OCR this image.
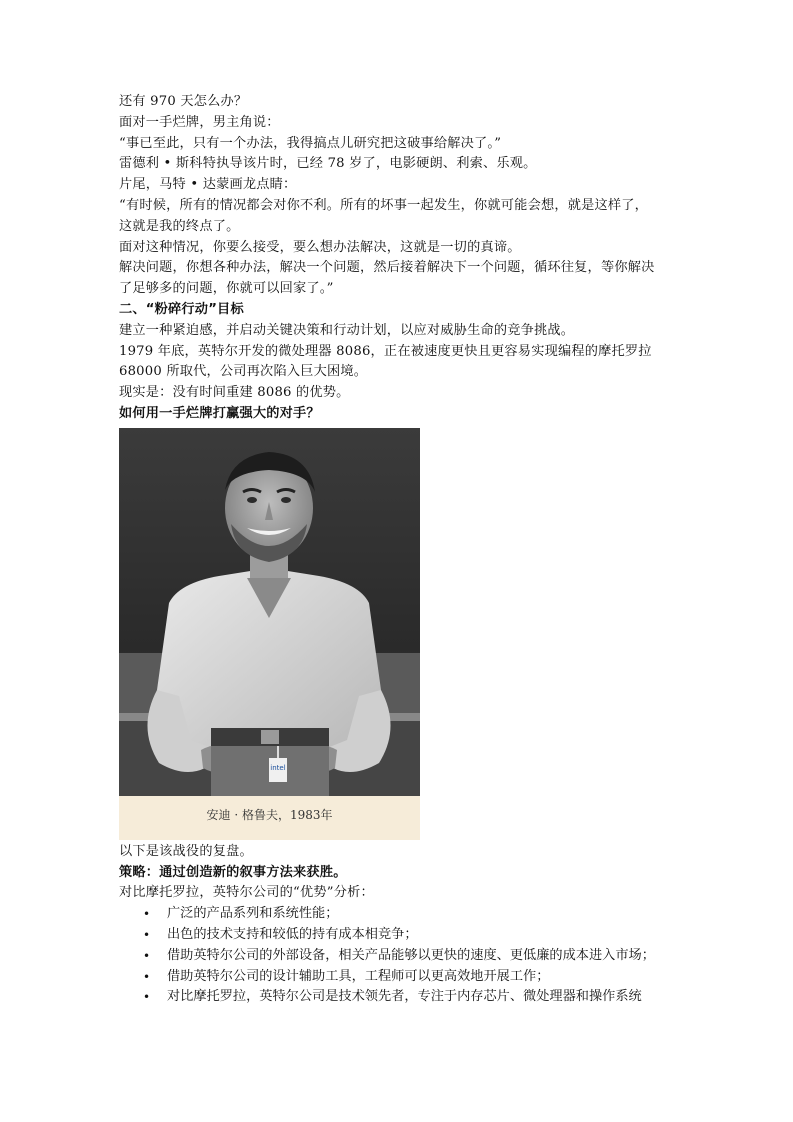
还有 970 天怎么办？

面对一手烂牌，男主角说：

“事已至此，只有一个办法，我得搞点儿研究把这破事给解决了。”

雷德利 • 斯科特执导该片时，已经 78 岁了，电影硬朗、利索、乐观。

片尾，马特 • 达蒙画龙点睛：

“有时候，所有的情况都会对你不利。所有的坏事一起发生，你就可能会想，就是这样了，

这就是我的终点了。

面对这种情况，你要么接受，要么想办法解决，这就是一切的真谛。

解决问题，你想各种办法，解决一个问题，然后接着解决下一个问题，循环往复，等你解决

了足够多的问题，你就可以回家了。”

二、“粉碎行动”目标

建立一种紧迫感，并启动关键决策和行动计划，以应对威胁生命的竞争挑战。

1979 年底，英特尔开发的微处理器 8086，正在被速度更快且更容易实现编程的摩托罗拉

68000 所取代，公司再次陷入巨大困境。

现实是：没有时间重建 8086 的优势。

如何用一手烂牌打赢强大的对手？

intel
安迪 · 格鲁夫，1983年

以下是该战役的复盘。

策略：通过创造新的叙事方法来获胜。

对比摩托罗拉，英特尔公司的“优势”分析：

• 广泛的产品系列和系统性能；
• 出色的技术支持和较低的持有成本相竞争；
• 借助英特尔公司的外部设备，相关产品能够以更快的速度、更低廉的成本进入市场；
• 借助英特尔公司的设计辅助工具，工程师可以更高效地开展工作；
• 对比摩托罗拉，英特尔公司是技术领先者，专注于内存芯片、微处理器和操作系统
